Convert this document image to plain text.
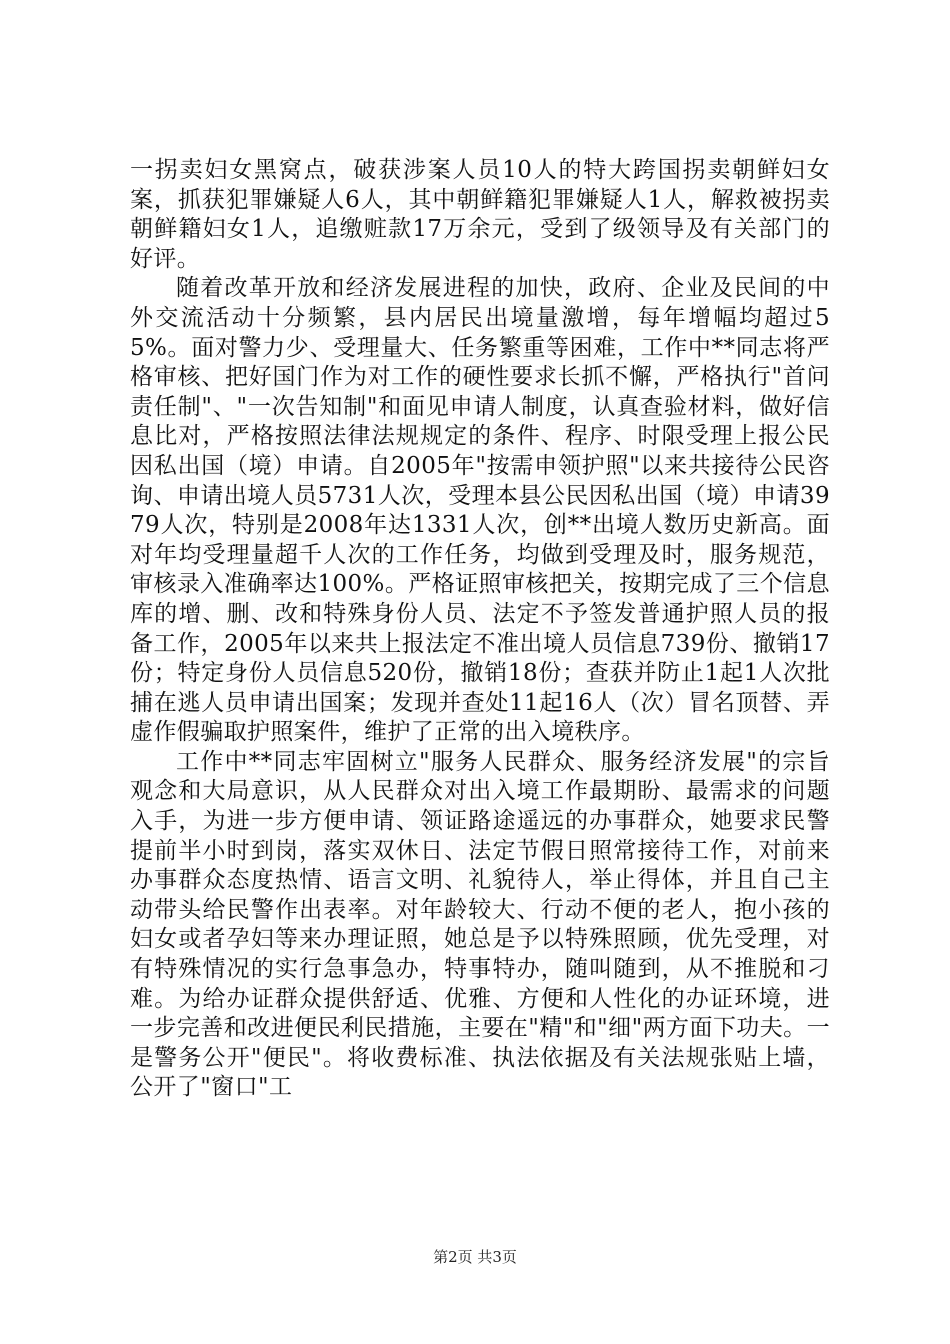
一拐卖妇女黑窝点，破获涉案人员10人的特大跨国拐卖朝鲜妇女案，抓获犯罪嫌疑人6人，其中朝鲜籍犯罪嫌疑人1人，解救被拐卖朝鲜籍妇女1人，追缴赃款17万余元，受到了级领导及有关部门的好评。

随着改革开放和经济发展进程的加快，政府、企业及民间的中外交流活动十分频繁，县内居民出境量激增，每年增幅均超过55%。面对警力少、受理量大、任务繁重等困难，工作中**同志将严格审核、把好国门作为对工作的硬性要求长抓不懈，严格执行"首问责任制"、"一次告知制"和面见申请人制度，认真查验材料，做好信息比对，严格按照法律法规规定的条件、程序、时限受理上报公民因私出国（境）申请。自2005年"按需申领护照"以来共接待公民咨询、申请出境人员5731人次，受理本县公民因私出国（境）申请3979人次，特别是2008年达1331人次，创**出境人数历史新高。面对年均受理量超千人次的工作任务，均做到受理及时，服务规范，审核录入准确率达100%。严格证照审核把关，按期完成了三个信息库的增、删、改和特殊身份人员、法定不予签发普通护照人员的报备工作，2005年以来共上报法定不准出境人员信息739份、撤销17份；特定身份人员信息520份，撤销18份；查获并防止1起1人次批捕在逃人员申请出国案；发现并查处11起16人（次）冒名顶替、弄虚作假骗取护照案件，维护了正常的出入境秩序。

工作中**同志牢固树立"服务人民群众、服务经济发展"的宗旨观念和大局意识，从人民群众对出入境工作最期盼、最需求的问题入手，为进一步方便申请、领证路途遥远的办事群众，她要求民警提前半小时到岗，落实双休日、法定节假日照常接待工作，对前来办事群众态度热情、语言文明、礼貌待人，举止得体，并且自己主动带头给民警作出表率。对年龄较大、行动不便的老人，抱小孩的妇女或者孕妇等来办理证照，她总是予以特殊照顾，优先受理，对有特殊情况的实行急事急办，特事特办，随叫随到，从不推脱和刁难。为给办证群众提供舒适、优雅、方便和人性化的办证环境，进一步完善和改进便民利民措施，主要在"精"和"细"两方面下功夫。一是警务公开"便民"。将收费标准、执法依据及有关法规张贴上墙，公开了"窗口"工

第2页 共3页
